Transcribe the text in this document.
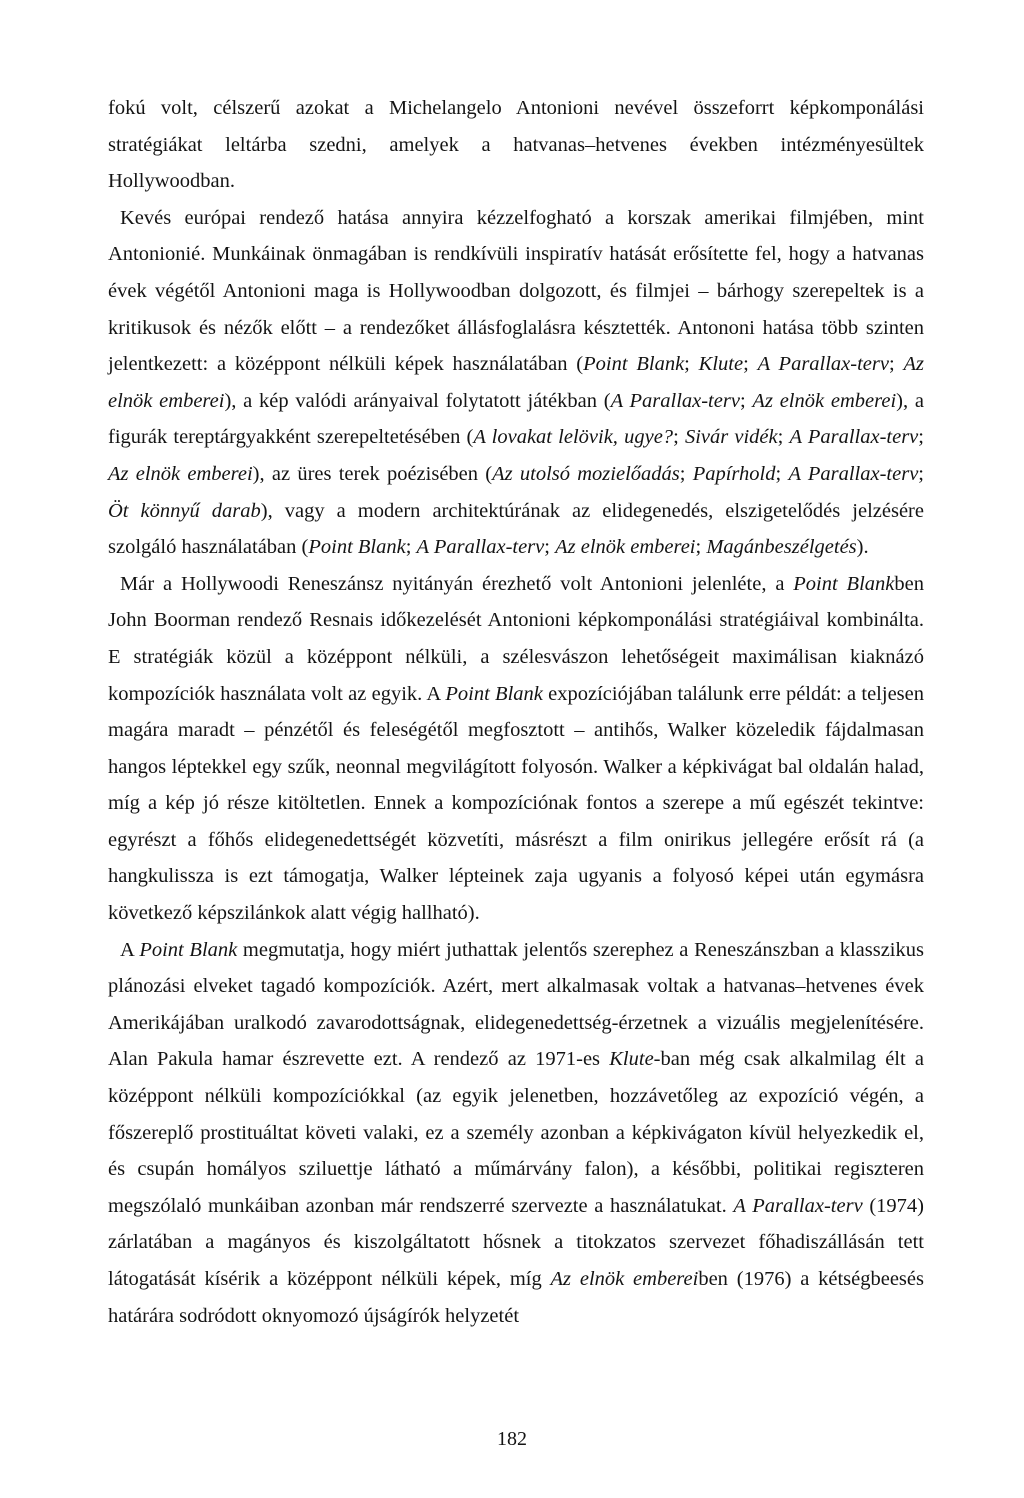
fokú volt, célszerű azokat a Michelangelo Antonioni nevével összeforrt képkomponálási stratégiákat leltárba szedni, amelyek a hatvanas–hetvenes években intézményesültek Hollywoodban.

Kevés európai rendező hatása annyira kézzelfogható a korszak amerikai filmjében, mint Antonionié. Munkáinak önmagában is rendkívüli inspiratív hatását erősítette fel, hogy a hatvanas évek végétől Antonioni maga is Hollywoodban dolgozott, és filmjei – bárhogy szerepeltek is a kritikusok és nézők előtt – a rendezőket állásfoglalásra késztették. Antononi hatása több szinten jelentkezett: a középpont nélküli képek használatában (Point Blank; Klute; A Parallax-terv; Az elnök emberei), a kép valódi arányaival folytatott játékban (A Parallax-terv; Az elnök emberei), a figurák tereptárgyakként szerepeltetésében (A lovakat lelövik, ugye?; Sivár vidék; A Parallax-terv; Az elnök emberei), az üres terek poézisében (Az utolsó mozielőadás; Papírhold; A Parallax-terv; Öt könnyű darab), vagy a modern architektúrának az elidegenedés, elszigetelődés jelzésére szolgáló használatában (Point Blank; A Parallax-terv; Az elnök emberei; Magánbeszélgetés).

Már a Hollywoodi Reneszánsz nyitányán érezhető volt Antonioni jelenléte, a Point Blankben John Boorman rendező Resnais időkezelését Antonioni képkomponálási stratégiáival kombinálta. E stratégiák közül a középpont nélküli, a szélesvászon lehetőségeit maximálisan kiaknázó kompozíciók használata volt az egyik. A Point Blank expozíciójában találunk erre példát: a teljesen magára maradt – pénzétől és feleségétől megfosztott – antihős, Walker közeledik fájdalmasan hangos léptekkel egy szűk, neonnal megvilágított folyosón. Walker a képkivágat bal oldalán halad, míg a kép jó része kitöltetlen. Ennek a kompozíciónak fontos a szerepe a mű egészét tekintve: egyrészt a főhős elidegenedettségét közvetíti, másrészt a film onirikus jellegére erősít rá (a hangkulissza is ezt támogatja, Walker lépteinek zaja ugyanis a folyosó képei után egymásra következő képszilánkok alatt végig hallható).

A Point Blank megmutatja, hogy miért juthattak jelentős szerephez a Reneszánszban a klasszikus plánozási elveket tagadó kompozíciók. Azért, mert alkalmasak voltak a hatvanas–hetvenes évek Amerikájában uralkodó zavarodottságnak, elidegenedettség-érzetnek a vizuális megjelenítésére. Alan Pakula hamar észrevette ezt. A rendező az 1971-es Klute-ban még csak alkalmilag élt a középpont nélküli kompozíciókkal (az egyik jelenetben, hozzávetőleg az expozíció végén, a főszereplő prostituáltat követi valaki, ez a személy azonban a képkivágaton kívül helyezkedik el, és csupán homályos sziluettje látható a műmárvány falon), a későbbi, politikai regiszteren megszólaló munkáiban azonban már rendszerré szervezte a használatukat. A Parallax-terv (1974) zárlatában a magányos és kiszolgáltatott hősnek a titokzatos szervezet főhadiszállásán tett látogatását kísérik a középpont nélküli képek, míg Az elnök embereiben (1976) a kétségbeesés határára sodródott oknyomozó újságírók helyzetét

182
